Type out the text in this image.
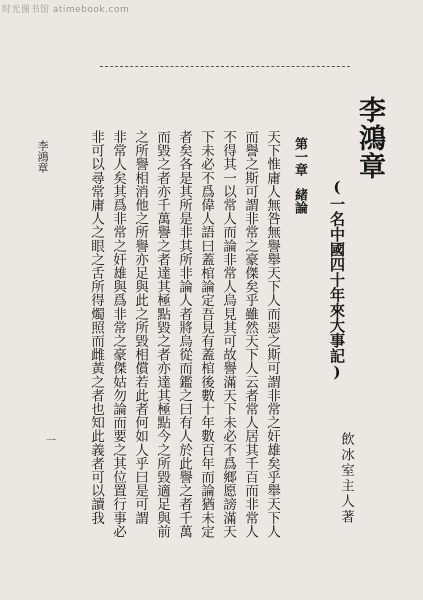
时光图书馆 atimebook.com
李鴻章
(一名中國四十年來大事記)
飲冰室主人著
第一章緒論
天下惟庸人無咎無譽舉天下人而惡之斯可謂非常之奸雄矣乎舉天下人
而譽之斯可謂非常之豪傑矣乎雖然天下人云者常人居其千百而非常人
不得其一以常人而論非常人烏見其可故譽滿天下未必不爲鄉愿謗滿天
下未必不爲偉人語曰蓋棺論定吾見有蓋棺後數十年數百年而論猶未定
者矣各是其所是非其所非論人者將烏從而鑑之曰有人於此譽之者千萬
而毀之者亦千萬譽之者達其極點毀之者亦達其極點今之所毀適足與前
之所譽相消他之所譽亦足與此之所毀相償若此者何如人乎曰是可謂
非常人矣其爲非常之奸雄與爲非常之豪傑姑勿論而要之其位置行事必
非可以尋常庸人之眼之舌所得燭照而雌黃之者也知此義者可以讀我
李鴻章
一
